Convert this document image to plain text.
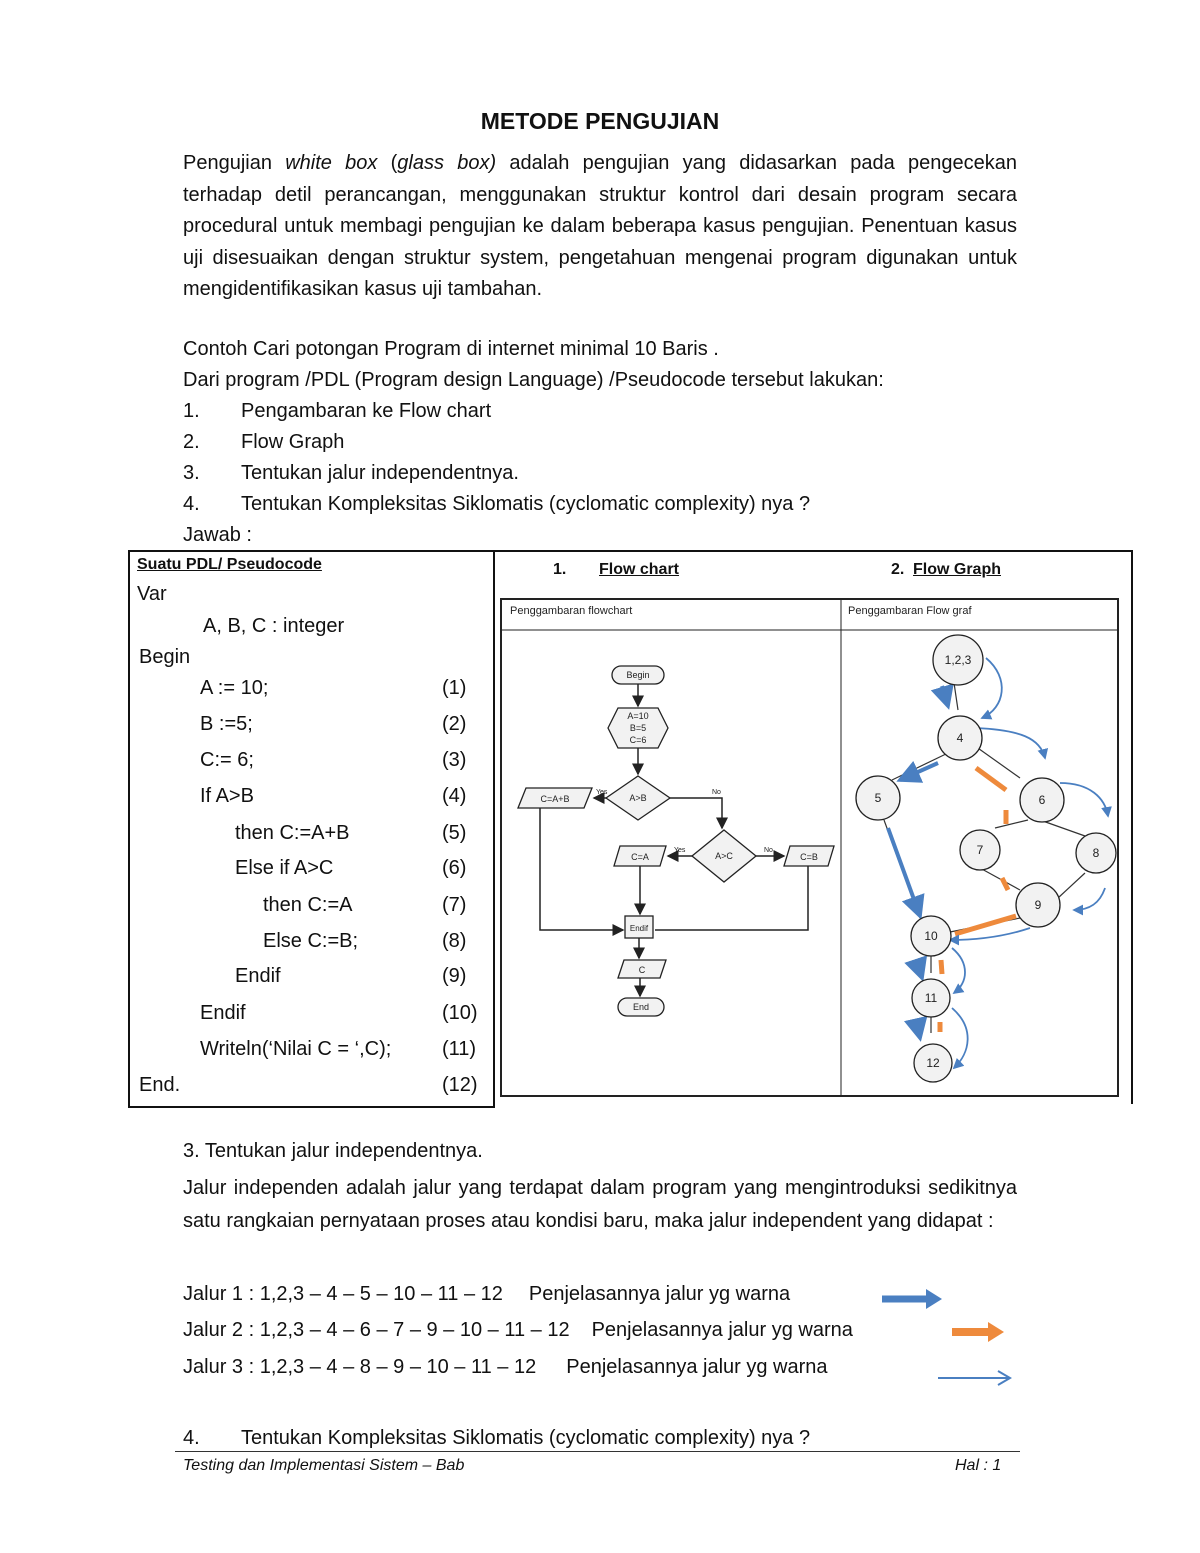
METODE PENGUJIAN
Pengujian white box (glass box) adalah pengujian yang didasarkan pada pengecekan terhadap detil perancangan, menggunakan struktur kontrol dari desain program secara procedural untuk membagi pengujian ke dalam beberapa kasus pengujian. Penentuan kasus uji disesuaikan dengan struktur system, pengetahuan mengenai program digunakan untuk mengidentifikasikan kasus uji tambahan.
Contoh Cari potongan Program di internet minimal 10 Baris .
Dari program /PDL (Program design Language) /Pseudocode tersebut lakukan:
1. Pengambaran ke Flow chart
2. Flow Graph
3. Tentukan jalur independentnya.
4. Tentukan Kompleksitas Siklomatis (cyclomatic complexity) nya ?
Jawab :
Suatu PDL/ Pseudocode
Var
A, B, C : integer
Begin
A := 10;	(1)
B :=5;	(2)
C:= 6;	(3)
If A>B	(4)
then C:=A+B	(5)
Else if A>C	(6)
then C:=A	(7)
Else C:=B;	(8)
Endif	(9)
Endif	(10)
Writeln(‘Nilai C = ‘,C);	(11)
End.	(12)
1. Flow chart	2. Flow Graph
Penggambaran flowchart	Penggambaran Flow graf
Begin
A=10
B=5
C=6
A>B
Yes	No
C=A+B
A>C
Yes	No
C=A	C=B
Endif
C
End
1,2,3
4
5	6
7	8
9
10
11
12
3. Tentukan jalur independentnya.
Jalur independen adalah jalur yang terdapat dalam program yang mengintroduksi sedikitnya satu rangkaian pernyataan proses atau kondisi baru, maka jalur independent yang didapat :
Jalur 1 : 1,2,3 – 4 – 5 – 10 – 11 – 12 Penjelasannya jalur yg warna
Jalur 2 : 1,2,3 – 4 – 6 – 7 – 9 – 10 – 11 – 12 Penjelasannya jalur yg warna
Jalur 3 : 1,2,3 – 4 – 8 – 9 – 10 – 11 – 12 Penjelasannya jalur yg warna
4. Tentukan Kompleksitas Siklomatis (cyclomatic complexity) nya ?
Testing dan Implementasi Sistem – Bab	Hal : 1
